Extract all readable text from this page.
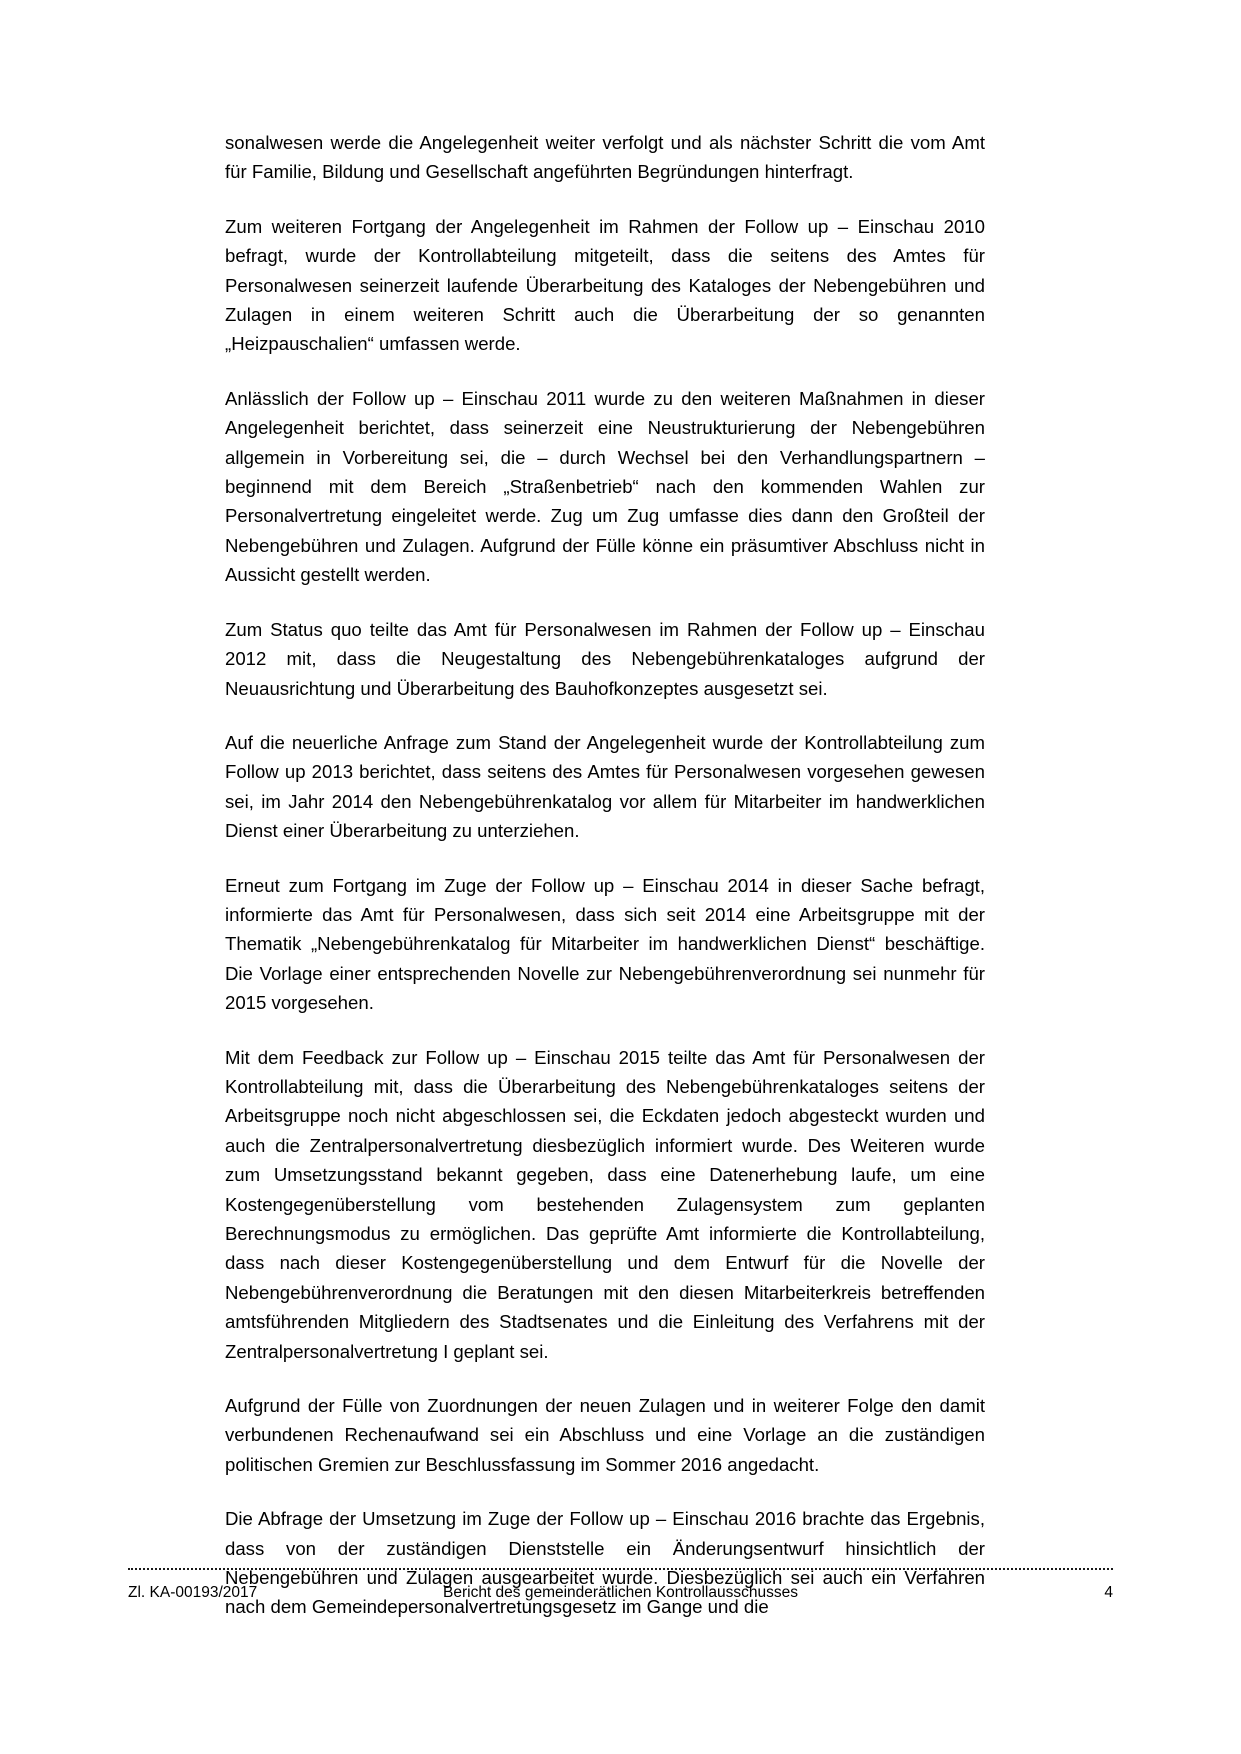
sonalwesen werde die Angelegenheit weiter verfolgt und als nächster Schritt die vom Amt für Familie, Bildung und Gesellschaft angeführten Begründungen hinterfragt.

Zum weiteren Fortgang der Angelegenheit im Rahmen der Follow up – Einschau 2010 befragt, wurde der Kontrollabteilung mitgeteilt, dass die seitens des Amtes für Personalwesen seinerzeit laufende Überarbeitung des Kataloges der Nebengebühren und Zulagen in einem weiteren Schritt auch die Überarbeitung der so genannten „Heizpauschalien“ umfassen werde.

Anlässlich der Follow up – Einschau 2011 wurde zu den weiteren Maßnahmen in dieser Angelegenheit berichtet, dass seinerzeit eine Neustrukturierung der Nebengebühren allgemein in Vorbereitung sei, die – durch Wechsel bei den Verhandlungspartnern – beginnend mit dem Bereich „Straßenbetrieb“ nach den kommenden Wahlen zur Personalvertretung eingeleitet werde. Zug um Zug umfasse dies dann den Großteil der Nebengebühren und Zulagen. Aufgrund der Fülle könne ein präsumtiver Abschluss nicht in Aussicht gestellt werden.

Zum Status quo teilte das Amt für Personalwesen im Rahmen der Follow up – Einschau 2012 mit, dass die Neugestaltung des Nebengebührenkataloges aufgrund der Neuausrichtung und Überarbeitung des Bauhofkonzeptes ausgesetzt sei.

Auf die neuerliche Anfrage zum Stand der Angelegenheit wurde der Kontrollabteilung zum Follow up 2013 berichtet, dass seitens des Amtes für Personalwesen vorgesehen gewesen sei, im Jahr 2014 den Nebengebührenkatalog vor allem für Mitarbeiter im handwerklichen Dienst einer Überarbeitung zu unterziehen.

Erneut zum Fortgang im Zuge der Follow up – Einschau 2014 in dieser Sache befragt, informierte das Amt für Personalwesen, dass sich seit 2014 eine Arbeitsgruppe mit der Thematik „Nebengebührenkatalog für Mitarbeiter im handwerklichen Dienst“ beschäftige. Die Vorlage einer entsprechenden Novelle zur Nebengebührenverordnung sei nunmehr für 2015 vorgesehen.

Mit dem Feedback zur Follow up – Einschau 2015 teilte das Amt für Personalwesen der Kontrollabteilung mit, dass die Überarbeitung des Nebengebührenkataloges seitens der Arbeitsgruppe noch nicht abgeschlossen sei, die Eckdaten jedoch abgesteckt wurden und auch die Zentralpersonalvertretung diesbezüglich informiert wurde. Des Weiteren wurde zum Umsetzungsstand bekannt gegeben, dass eine Datenerhebung laufe, um eine Kostengegenüberstellung vom bestehenden Zulagensystem zum geplanten Berechnungsmodus zu ermöglichen. Das geprüfte Amt informierte die Kontrollabteilung, dass nach dieser Kostengegenüberstellung und dem Entwurf für die Novelle der Nebengebührenverordnung die Beratungen mit den diesen Mitarbeiterkreis betreffenden amtsführenden Mitgliedern des Stadtsenates und die Einleitung des Verfahrens mit der Zentralpersonalvertretung I geplant sei.

Aufgrund der Fülle von Zuordnungen der neuen Zulagen und in weiterer Folge den damit verbundenen Rechenaufwand sei ein Abschluss und eine Vorlage an die zuständigen politischen Gremien zur Beschlussfassung im Sommer 2016 angedacht.

Die Abfrage der Umsetzung im Zuge der Follow up – Einschau 2016 brachte das Ergebnis, dass von der zuständigen Dienststelle ein Änderungsentwurf hinsichtlich der Nebengebühren und Zulagen ausgearbeitet wurde. Diesbezüglich sei auch ein Verfahren nach dem Gemeindepersonalvertretungsgesetz im Gange und die

Zl. KA-00193/2017	Bericht des gemeinderätlichen Kontrollausschusses	4
